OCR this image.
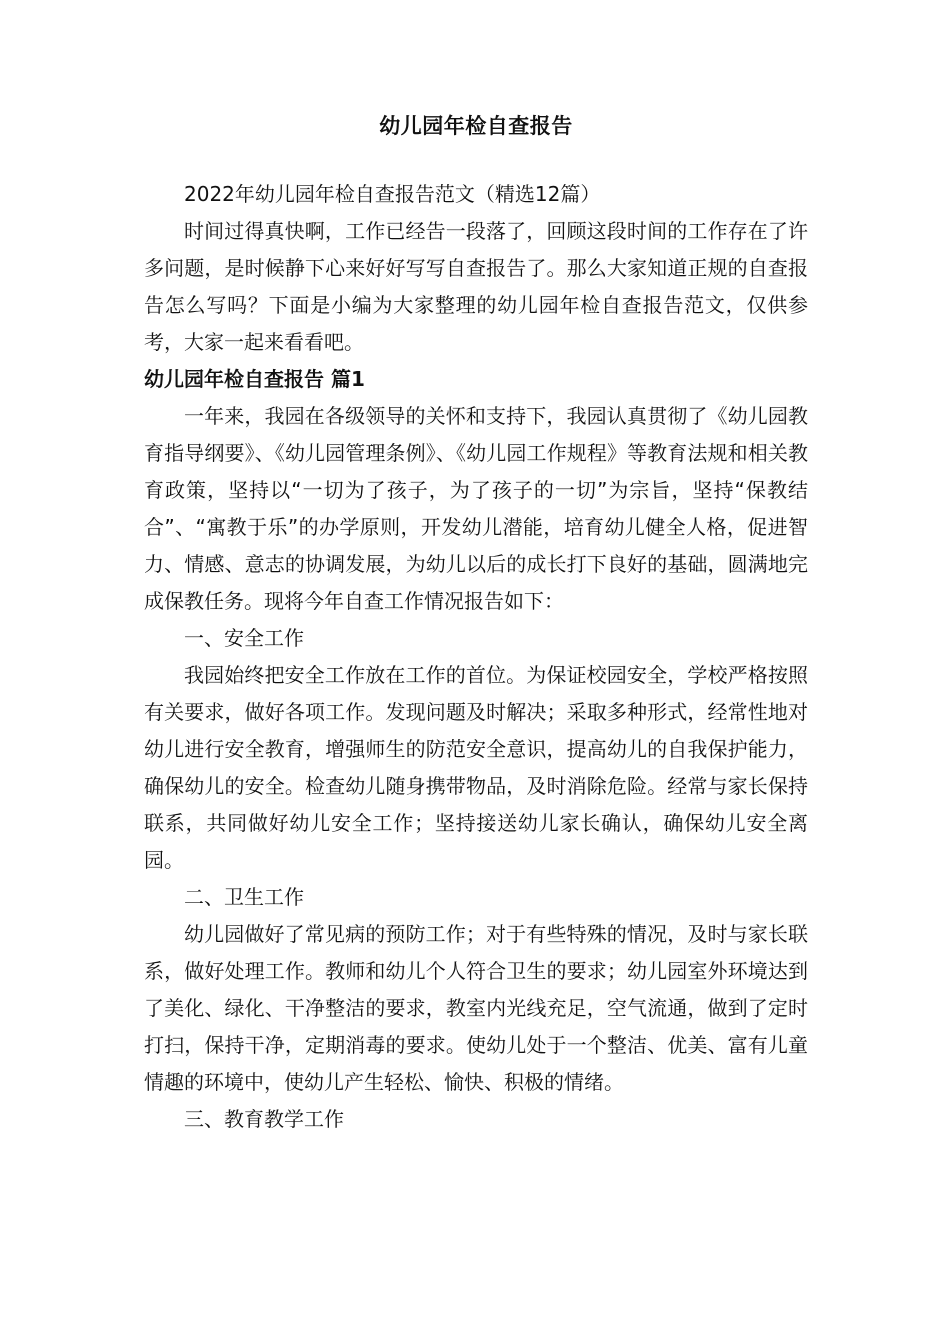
幼儿园年检自查报告

2022年幼儿园年检自查报告范文（精选12篇）

时间过得真快啊，工作已经告一段落了，回顾这段时间的工作存在了许多问题，是时候静下心来好好写写自查报告了。那么大家知道正规的自查报告怎么写吗？下面是小编为大家整理的幼儿园年检自查报告范文，仅供参考，大家一起来看看吧。

幼儿园年检自查报告 篇1

一年来，我园在各级领导的关怀和支持下，我园认真贯彻了《幼儿园教育指导纲要》、《幼儿园管理条例》、《幼儿园工作规程》等教育法规和相关教育政策，坚持以“一切为了孩子，为了孩子的一切”为宗旨，坚持“保教结合”、“寓教于乐”的办学原则，开发幼儿潜能，培育幼儿健全人格，促进智力、情感、意志的协调发展，为幼儿以后的成长打下良好的基础，圆满地完成保教任务。现将今年自查工作情况报告如下：

一、安全工作

我园始终把安全工作放在工作的首位。为保证校园安全，学校严格按照有关要求，做好各项工作。发现问题及时解决；采取多种形式，经常性地对幼儿进行安全教育，增强师生的防范安全意识，提高幼儿的自我保护能力，确保幼儿的安全。检查幼儿随身携带物品，及时消除危险。经常与家长保持联系，共同做好幼儿安全工作；坚持接送幼儿家长确认，确保幼儿安全离园。

二、卫生工作

幼儿园做好了常见病的预防工作；对于有些特殊的情况，及时与家长联系，做好处理工作。教师和幼儿个人符合卫生的要求；幼儿园室外环境达到了美化、绿化、干净整洁的要求，教室内光线充足，空气流通，做到了定时打扫，保持干净，定期消毒的要求。使幼儿处于一个整洁、优美、富有儿童情趣的环境中，使幼儿产生轻松、愉快、积极的情绪。

三、教育教学工作
